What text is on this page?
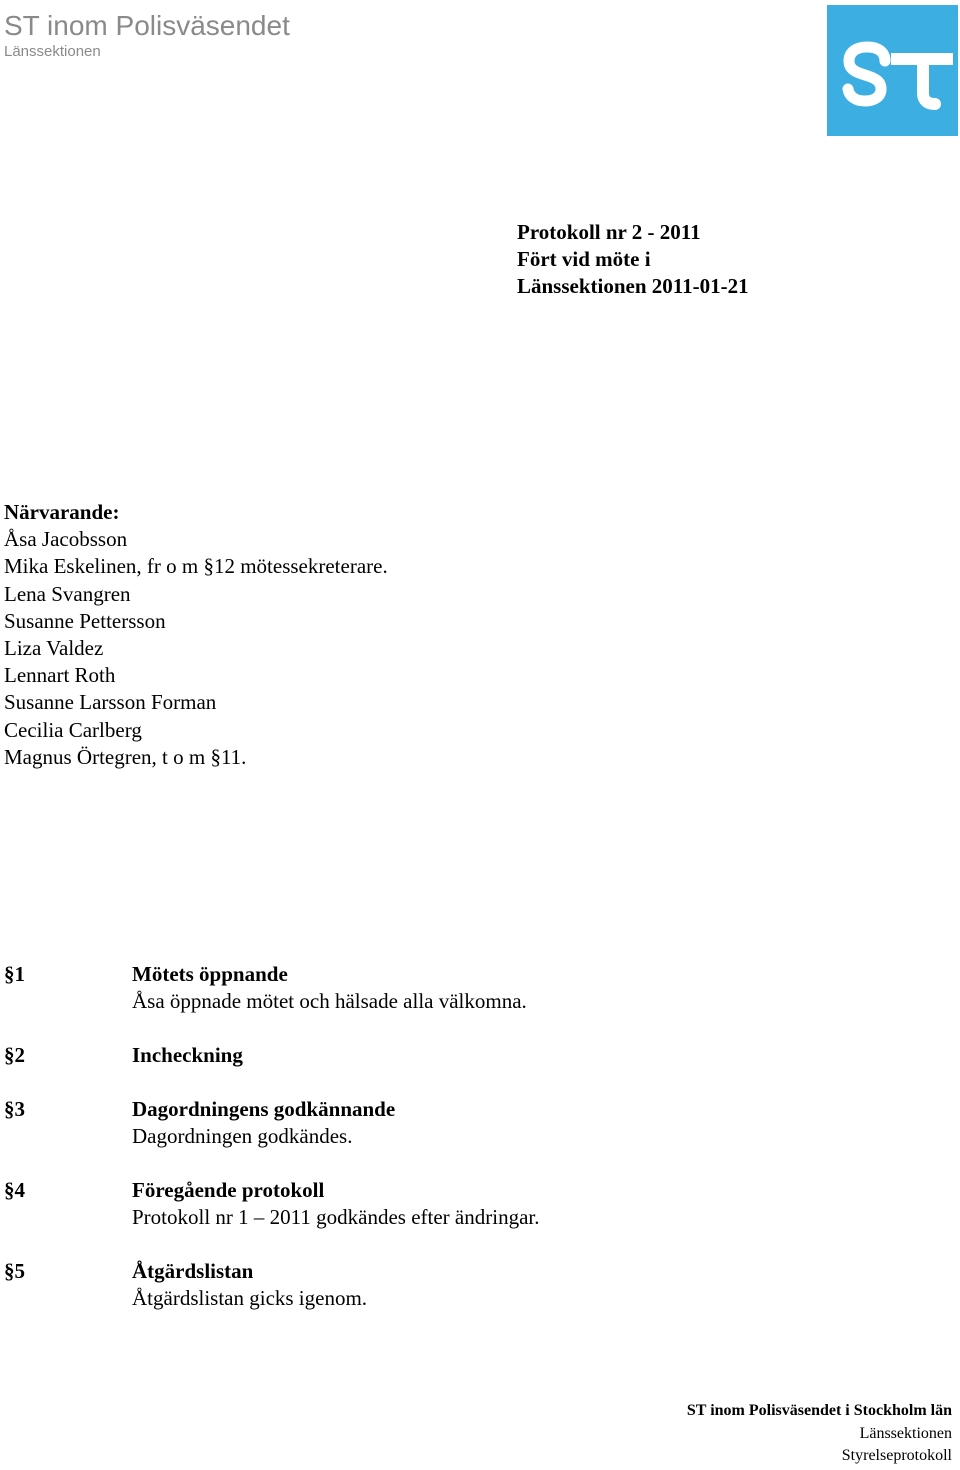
ST inom Polisväsendet
Länssektionen
Protokoll nr 2 - 2011
Fört vid möte i
Länssektionen 2011-01-21
Närvarande:
Åsa Jacobsson
Mika Eskelinen, fr o m §12 mötessekreterare.
Lena Svangren
Susanne Pettersson
Liza Valdez
Lennart Roth
Susanne Larsson Forman
Cecilia Carlberg
Magnus Örtegren, t o m §11.
§1	Mötets öppnande
Åsa öppnade mötet och hälsade alla välkomna.
§2	Incheckning
§3	Dagordningens godkännande
Dagordningen godkändes.
§4	Föregående protokoll
Protokoll nr 1 – 2011 godkändes efter ändringar.
§5	Åtgärdslistan
Åtgärdslistan gicks igenom.
ST inom Polisväsendet i Stockholm län
Länssektionen
Styrelseprotokoll
